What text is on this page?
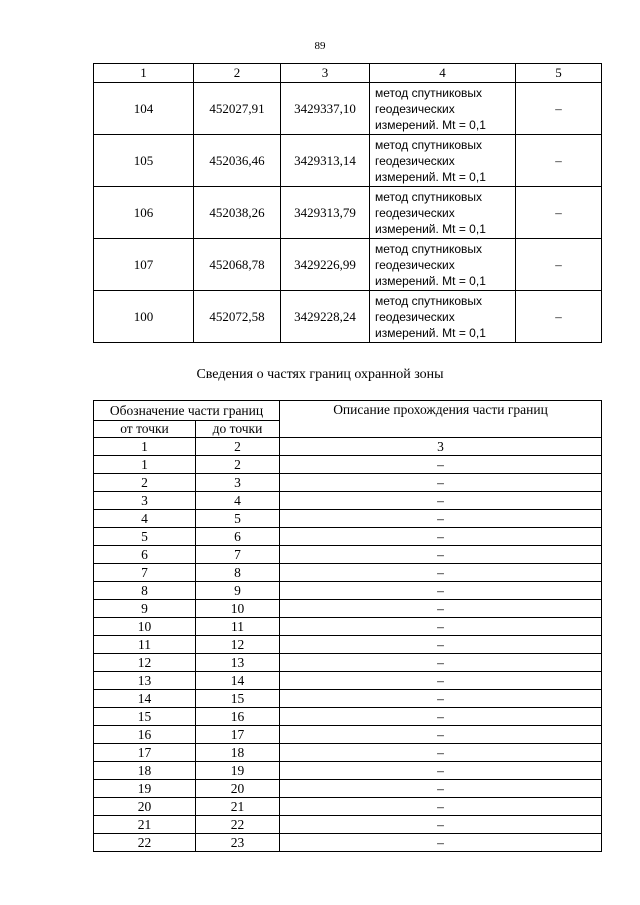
89
1	2	3	4	5
104	452027,91	3429337,10	метод спутниковых
геодезических
измерений. Mt = 0,1	–
105	452036,46	3429313,14	метод спутниковых
геодезических
измерений. Mt = 0,1	–
106	452038,26	3429313,79	метод спутниковых
геодезических
измерений. Mt = 0,1	–
107	452068,78	3429226,99	метод спутниковых
геодезических
измерений. Mt = 0,1	–
100	452072,58	3429228,24	метод спутниковых
геодезических
измерений. Mt = 0,1	–
Сведения о частях границ охранной зоны
Обозначение части границ		Описание прохождения части границ
от точки	до точки	
1	2	3
1	2	–
2	3	–
3	4	–
4	5	–
5	6	–
6	7	–
7	8	–
8	9	–
9	10	–
10	11	–
11	12	–
12	13	–
13	14	–
14	15	–
15	16	–
16	17	–
17	18	–
18	19	–
19	20	–
20	21	–
21	22	–
22	23	–
